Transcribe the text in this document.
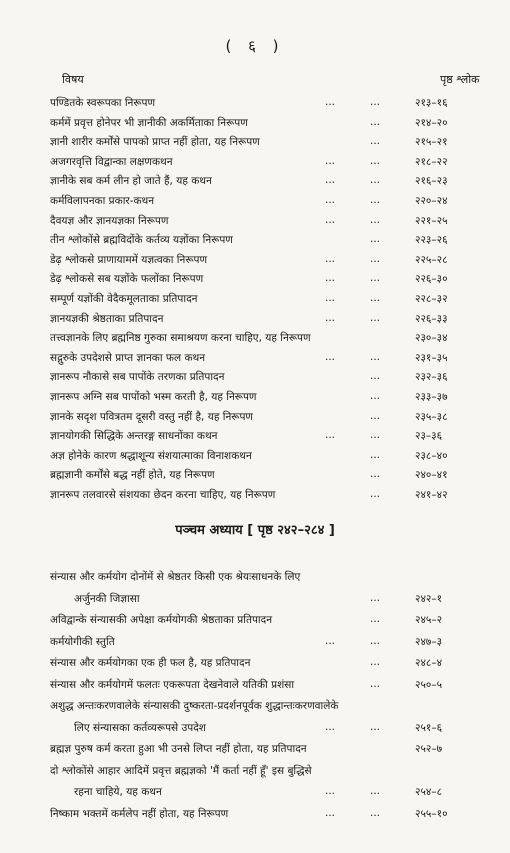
( ६ )
विषय	पृष्ठ श्लोक
पण्डितके स्वरूपका निरूपण	...	...	२१३–१६
कर्ममें प्रवृत्त होनेपर भी ज्ञानीकी अकर्मिताका निरूपण	...	२१४–२०
ज्ञानी शारीर कर्मोंसे पापको प्राप्त नहीं होता, यह निरूपण	...	२१५–२१
अजगरवृत्ति विद्वान्का लक्षणकथन	...	...	२१८–२२
ज्ञानीके सब कर्म लीन हो जाते हैं, यह कथन	...	...	२१६–२३
कर्मविलापनका प्रकार-कथन	...	...	२२०–२४
दैवयज्ञ और ज्ञानयज्ञका निरूपण	...	...	२२१–२५
तीन श्लोकोंसे ब्रह्मविदोंके कर्तव्य यज्ञोंका निरूपण	...	२२३–२६
डेढ़ श्लोकसे प्राणायाममें यज्ञत्वका निरूपण	...	...	२२५–२८
डेढ़ श्लोकसे सब यज्ञोंके फलोंका निरूपण	...	...	२२६–३०
सम्पूर्ण यज्ञोंकी वेदैकमूलताका प्रतिपादन	...	...	२२८–३२
ज्ञानयज्ञकी श्रेष्ठताका प्रतिपादन	...	...	२२६–३३
तत्त्वज्ञानके लिए ब्रह्मनिष्ठ गुरुका समाश्रयण करना चाहिए, यह निरूपण	२३०–३४
सद्गुरुके उपदेशसे प्राप्त ज्ञानका फल कथन	...	...	२३१–३५
ज्ञानरूप नौकासे सब पापोंके तरणका प्रतिपादन	...	२३२–३६
ज्ञानरूप अग्नि सब पापोंको भस्म करती है, यह निरूपण	...	२३३–३७
ज्ञानके सदृश पवित्रतम दूसरी वस्तु नहीं है, यह निरूपण	...	२३५–३८
ज्ञानयोगकी सिद्धिके अन्तरङ्ग साधनोंका कथन	...	...	२३–३६
अज्ञ होनेके कारण श्रद्धाशून्य संशयात्माका विनाशकथन	...	२३८–४०
ब्रह्मज्ञानी कर्मोंसे बद्ध नहीं होते, यह निरूपण	...	२४०–४१
ज्ञानरूप तलवारसे संशयका छेदन करना चाहिए, यह निरूपण	...	२४१–४२
पञ्चम अध्याय [ पृष्ठ २४२–२८४ ]
संन्यास और कर्मयोग दोनोंमें से श्रेष्ठतर किसी एक श्रेयःसाधनके लिए
अर्जुनकी जिज्ञासा	...	२४२–१
अविद्वान्के संन्यासकी अपेक्षा कर्मयोगकी श्रेष्ठताका प्रतिपादन	...	२४५–२
कर्मयोगीकी स्तुति	...	...	२४७–३
संन्यास और कर्मयोगका एक ही फल है, यह प्रतिपादन	...	२४८–४
संन्यास और कर्मयोगमें फलतः एकरूपता देखनेवाले यतिकी प्रशंसा	...	२५०–५
अशुद्ध अन्तःकरणवालेके संन्यासकी दुष्करता-प्रदर्शनपूर्वक शुद्धान्तःकरणवालेके
लिए संन्यासका कर्तव्यरूपसे उपदेश	...	...	२५१–६
ब्रह्मज्ञ पुरुष कर्म करता हुआ भी उनसे लिप्त नहीं होता, यह प्रतिपादन	२५२–७
दो श्लोकोंसे आहार आदिमें प्रवृत्त ब्रह्मज्ञको 'मैं कर्ता नहीं हूँ' इस बुद्धिसे
रहना चाहिये, यह कथन	...	...	२५४–८
निष्काम भक्तमें कर्मलेप नहीं होता, यह निरूपण	...	...	२५५–१०
